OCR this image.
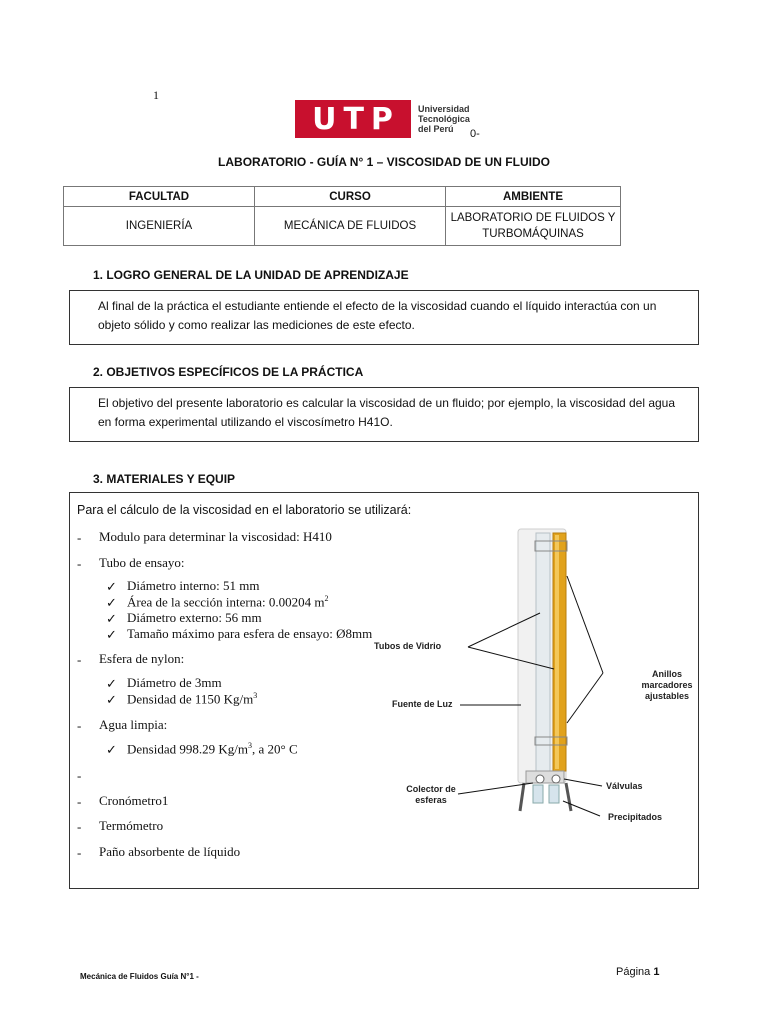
1
UTP Universidad
Tecnológica
del Perú	0-
LABORATORIO - GUÍA N° 1 – VISCOSIDAD DE UN FLUIDO
FACULTAD	CURSO	AMBIENTE
INGENIERÍA	MECÁNICA DE FLUIDOS	LABORATORIO DE FLUIDOS Y TURBOMÁQUINAS
1. LOGRO GENERAL DE LA UNIDAD DE APRENDIZAJE
Al final de la práctica el estudiante entiende el efecto de la viscosidad cuando el líquido interactúa con un objeto sólido y como realizar las mediciones de este efecto.
2. OBJETIVOS ESPECÍFICOS DE LA PRÁCTICA
El objetivo del presente laboratorio es calcular la viscosidad de un fluido; por ejemplo, la viscosidad del agua en forma experimental utilizando el viscosímetro H41O.
3. MATERIALES Y EQUIP
Para el cálculo de la viscosidad en el laboratorio se utilizará:
- Modulo para determinar la viscosidad: H410
- Tubo de ensayo:
✓ Diámetro interno: 51 mm
✓ Área de la sección interna: 0.00204 $m^2$
✓ Diámetro externo: 56 mm
✓ Tamaño máximo para esfera de ensayo: Ø8mm
- Esfera de nylon:
✓ Diámetro de 3mm
✓ Densidad de 1150 $Kg/m^3$
- Agua limpia:
✓ Densidad 998.29 $Kg/m^3$, a 20° C
-
- Cronómetro1
- Termómetro
- Paño absorbente de líquido
Tubos de Vidrio
Anillos marcadores ajustables
Fuente de Luz
Válvulas
Colector de esferas
Precipitados
Mecánica de Fluidos Guía N°1 -	Página 1
